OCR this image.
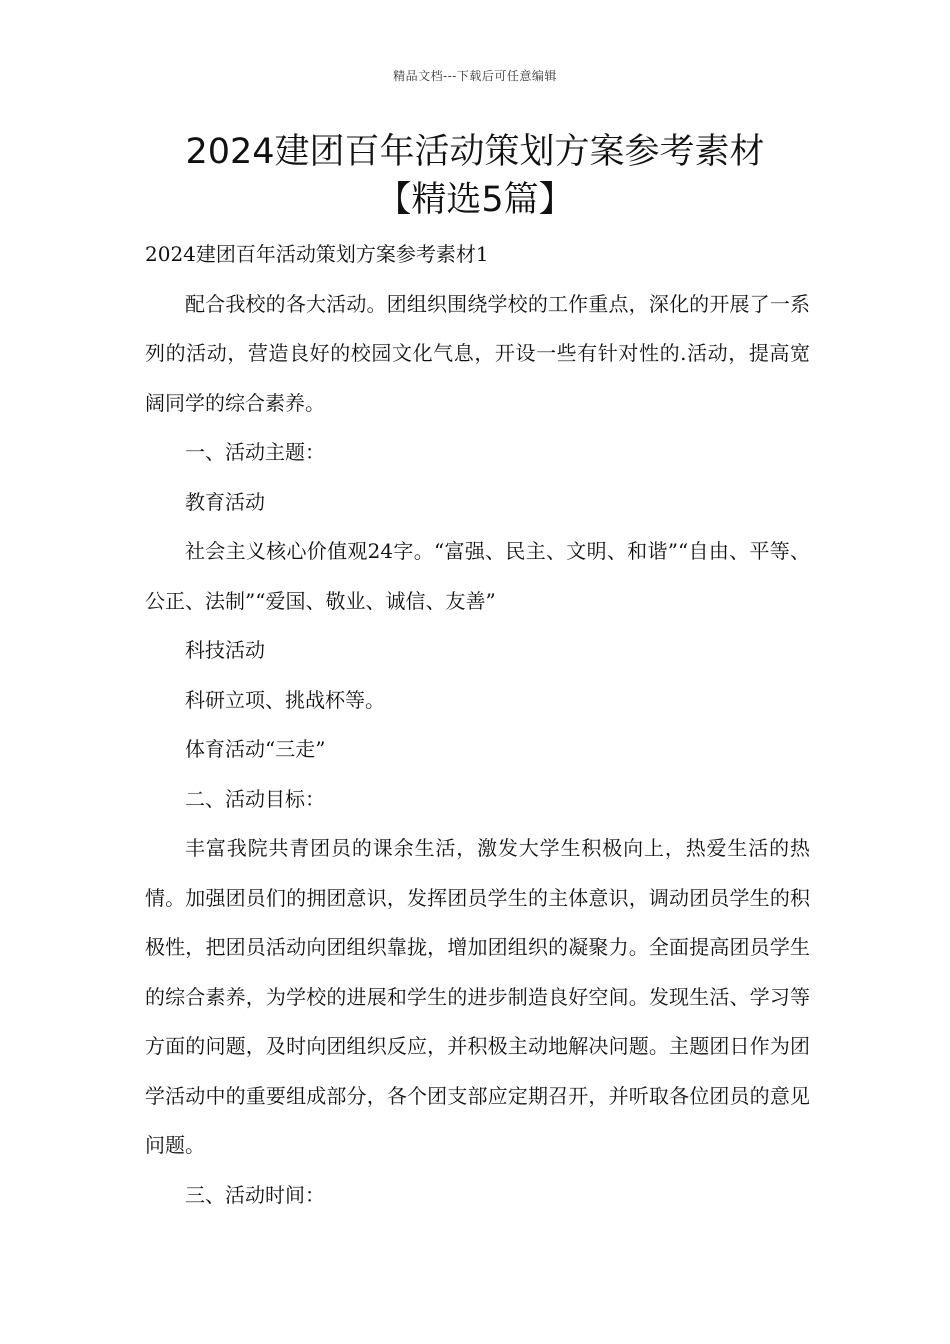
精品文档---下载后可任意编辑
2024建团百年活动策划方案参考素材
【精选5篇】

2024建团百年活动策划方案参考素材1

配合我校的各大活动。团组织围绕学校的工作重点，深化的开展了一系列的活动，营造良好的校园文化气息，开设一些有针对性的.活动，提高宽阔同学的综合素养。

一、活动主题：

教育活动

社会主义核心价值观24字。“富强、民主、文明、和谐”“自由、平等、公正、法制”“爱国、敬业、诚信、友善”

科技活动

科研立项、挑战杯等。

体育活动“三走”

二、活动目标：

丰富我院共青团员的课余生活，激发大学生积极向上，热爱生活的热情。加强团员们的拥团意识，发挥团员学生的主体意识，调动团员学生的积极性，把团员活动向团组织靠拢，增加团组织的凝聚力。全面提高团员学生的综合素养，为学校的进展和学生的进步制造良好空间。发现生活、学习等方面的问题，及时向团组织反应，并积极主动地解决问题。主题团日作为团学活动中的重要组成部分，各个团支部应定期召开，并听取各位团员的意见问题。

三、活动时间：
